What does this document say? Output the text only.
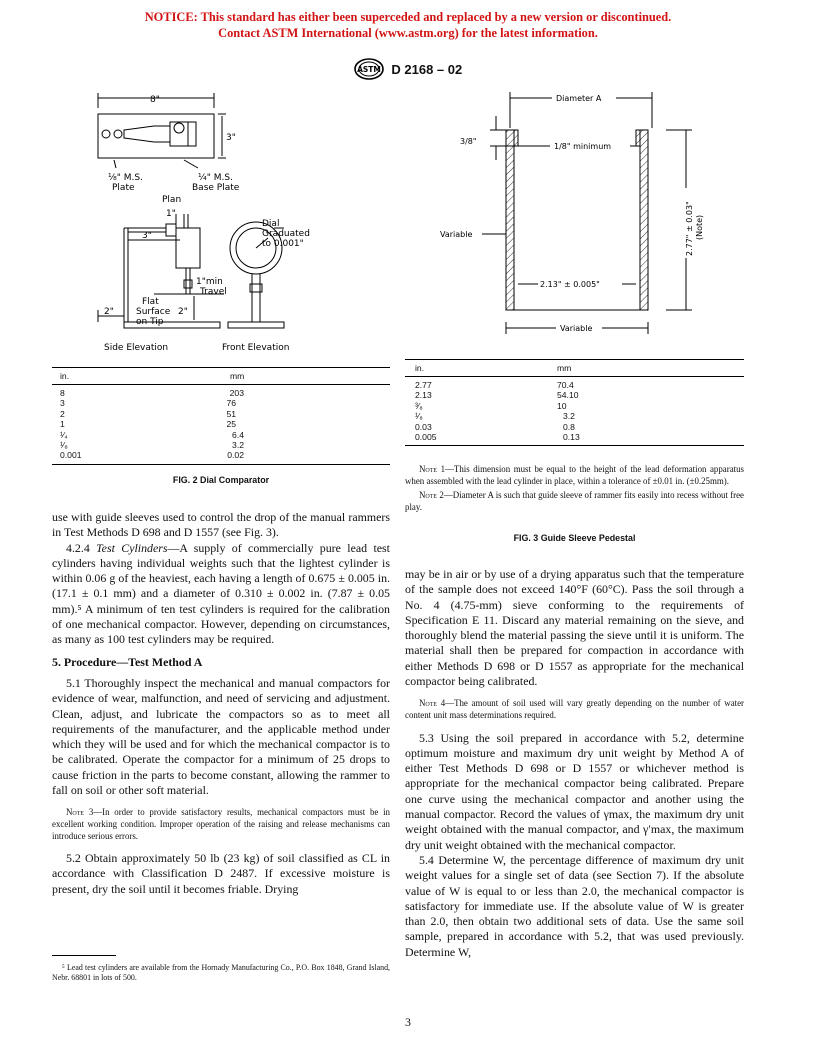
NOTICE: This standard has either been superceded and replaced by a new version or discontinued.
Contact ASTM International (www.astm.org) for the latest information.
ASTM D 2168 – 02
8"
3"
¹⁄₈" M.S.
Plate
¹⁄₄" M.S.
Base Plate
Plan
1"
3"
Dial
Graduated
to 0.001"
1"min
Travel
Flat
Surface
on Tip
2"	2"
Side Elevation	Front Elevation
in.	mm
8	203
3	76
2	51
1	25
¹⁄₄	6.4
¹⁄₈	3.2
0.001	0.02
FIG. 2 Dial Comparator
Diameter A
3/8"
1/8" minimum
Variable
2.13" ± 0.005"
Variable
2.77" ± 0.03" (Note)
in.	mm
2.77	70.4
2.13	54.10
³⁄₈	10
¹⁄₈	3.2
0.03	0.8
0.005	0.13

Note 1—This dimension must be equal to the height of the lead deformation apparatus when assembled with the lead cylinder in place, within a tolerance of ±0.01 in. (±0.25mm).

Note 2—Diameter A is such that guide sleeve of rammer fits easily into recess without free play.

FIG. 3 Guide Sleeve Pedestal

use with guide sleeves used to control the drop of the manual rammers in Test Methods D 698 and D 1557 (see Fig. 3).

4.2.4 Test Cylinders—A supply of commercially pure lead test cylinders having individual weights such that the lightest cylinder is within 0.06 g of the heaviest, each having a length of 0.675 ± 0.005 in. (17.1 ± 0.1 mm) and a diameter of 0.310 ± 0.002 in. (7.87 ± 0.05 mm).⁵ A minimum of ten test cylinders is required for the calibration of one mechanical compactor. However, depending on circumstances, as many as 100 test cylinders may be required.

5. Procedure—Test Method A

5.1 Thoroughly inspect the mechanical and manual compactors for evidence of wear, malfunction, and need of servicing and adjustment. Clean, adjust, and lubricate the compactors so as to meet all requirements of the manufacturer, and the applicable method under which they will be used and for which the mechanical compactor is to be calibrated. Operate the compactor for a minimum of 25 drops to cause friction in the parts to become constant, allowing the rammer to fall on soil or other soft material.

Note 3—In order to provide satisfactory results, mechanical compactors must be in excellent working condition. Improper operation of the raising and release mechanisms can introduce serious errors.

5.2 Obtain approximately 50 lb (23 kg) of soil classified as CL in accordance with Classification D 2487. If excessive moisture is present, dry the soil until it becomes friable. Drying

⁵ Lead test cylinders are available from the Hornady Manufacturing Co., P.O. Box 1848, Grand Island, Nebr. 68801 in lots of 500.

may be in air or by use of a drying apparatus such that the temperature of the sample does not exceed 140°F (60°C). Pass the soil through a No. 4 (4.75-mm) sieve conforming to the requirements of Specification E 11. Discard any material remaining on the sieve, and thoroughly blend the material passing the sieve until it is uniform. The material shall then be prepared for compaction in accordance with either Methods D 698 or D 1557 as appropriate for the mechanical compactor being calibrated.

Note 4—The amount of soil used will vary greatly depending on the number of water content unit mass determinations required.

5.3 Using the soil prepared in accordance with 5.2, determine optimum moisture and maximum dry unit weight by Method A of either Test Methods D 698 or D 1557 or whichever method is appropriate for the mechanical compactor being calibrated. Prepare one curve using the mechanical compactor and another using the manual compactor. Record the values of γmax, the maximum dry unit weight obtained with the manual compactor, and γ′max, the maximum dry unit weight obtained with the mechanical compactor.

5.4 Determine W, the percentage difference of maximum dry unit weight values for a single set of data (see Section 7). If the absolute value of W is equal to or less than 2.0, the mechanical compactor is satisfactory for immediate use. If the absolute value of W is greater than 2.0, then obtain two additional sets of data. Use the same soil sample, prepared in accordance with 5.2, that was used previously. Determine W,

3
